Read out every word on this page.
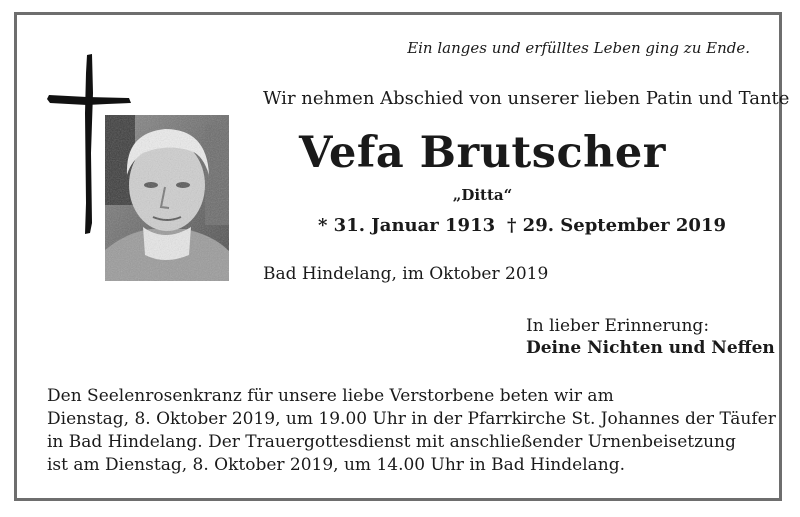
Ein langes und erfülltes Leben ging zu Ende.
Wir nehmen Abschied von unserer lieben Patin und Tante
Vefa Brutscher
„Ditta“
* 31. Januar 1913 † 29. September 2019
Bad Hindelang, im Oktober 2019
In lieber Erinnerung:
Deine Nichten und Neffen
Den Seelenrosenkranz für unsere liebe Verstorbene beten wir am
Dienstag, 8. Oktober 2019, um 19.00 Uhr in der Pfarrkirche St. Johannes der Täufer
in Bad Hindelang. Der Trauergottesdienst mit anschließender Urnenbeisetzung
ist am Dienstag, 8. Oktober 2019, um 14.00 Uhr in Bad Hindelang.
